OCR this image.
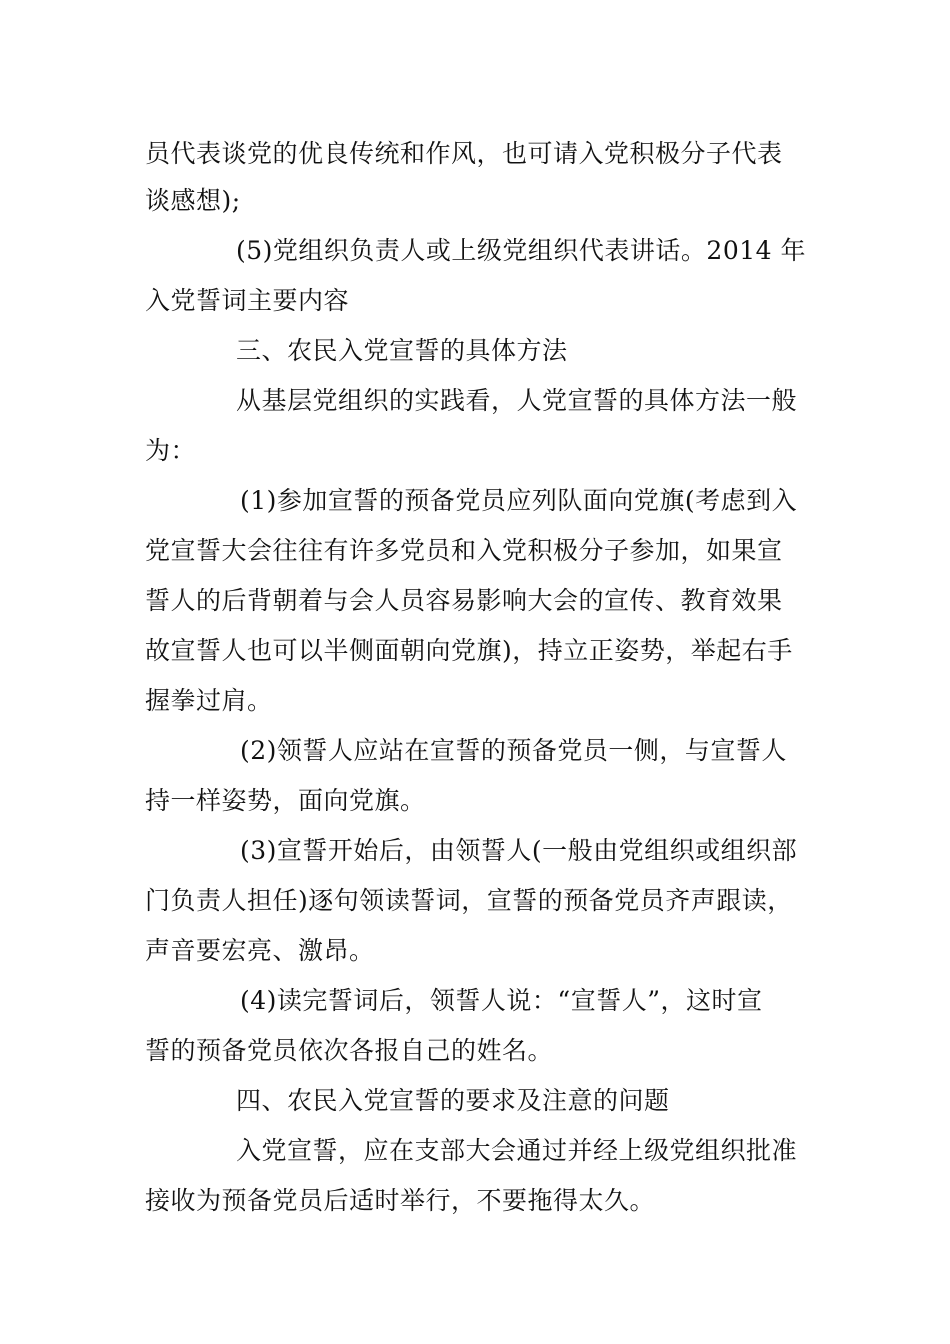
员代表谈党的优良传统和作风，也可请入党积极分子代表
谈感想);
(5)党组织负责人或上级党组织代表讲话。2014 年
入党誓词主要内容
三、农民入党宣誓的具体方法
从基层党组织的实践看，人党宣誓的具体方法一般
为：
(1)参加宣誓的预备党员应列队面向党旗(考虑到入
党宣誓大会往往有许多党员和入党积极分子参加，如果宣
誓人的后背朝着与会人员容易影响大会的宣传、教育效果
故宣誓人也可以半侧面朝向党旗)，持立正姿势，举起右手
握拳过肩。
(2)领誓人应站在宣誓的预备党员一侧，与宣誓人
持一样姿势，面向党旗。
(3)宣誓开始后，由领誓人(一般由党组织或组织部
门负责人担任)逐句领读誓词，宣誓的预备党员齐声跟读，
声音要宏亮、激昂。
(4)读完誓词后，领誓人说：“宣誓人”，这时宣
誓的预备党员依次各报自己的姓名。
四、农民入党宣誓的要求及注意的问题
入党宣誓，应在支部大会通过并经上级党组织批准
接收为预备党员后适时举行，不要拖得太久。
